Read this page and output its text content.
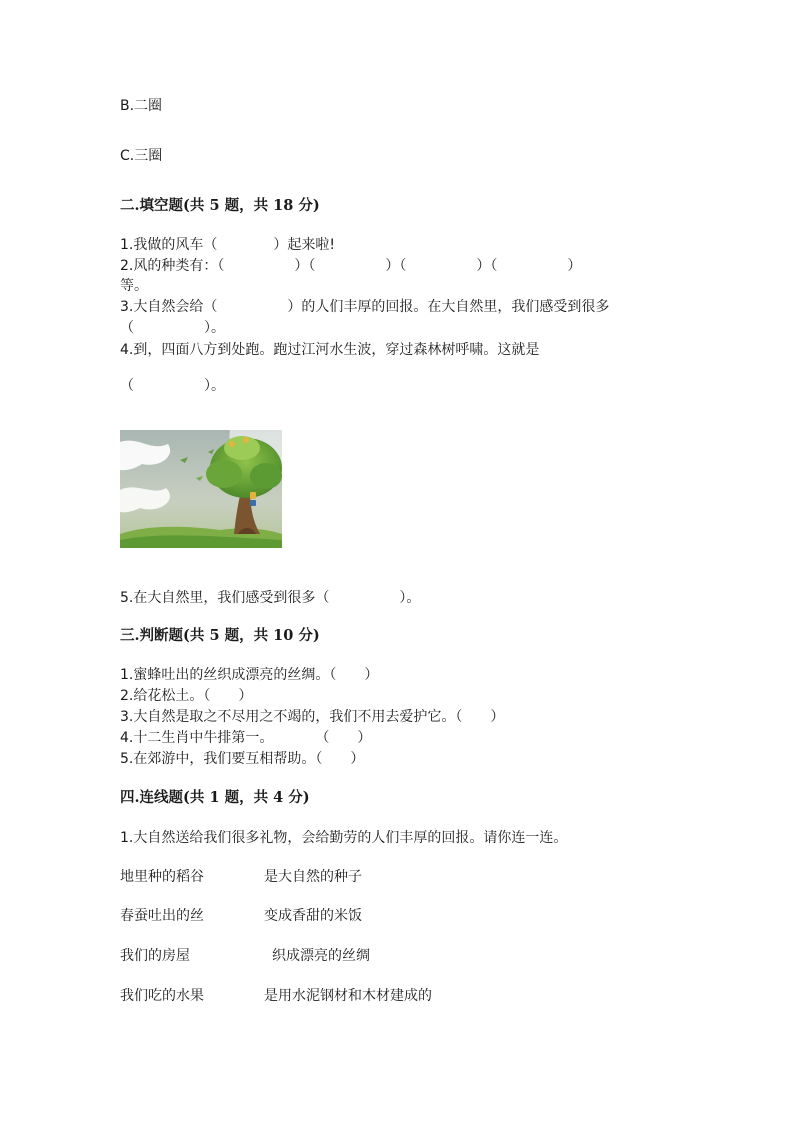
B.二圈
C.三圈
二.填空题(共 5 题，共 18 分)
1.我做的风车（　　　　）起来啦!
2.风的种类有：（　　　　　）（　　　　　）（　　　　　）（　　　　　）
等。
3.大自然会给（　　　　　）的人们丰厚的回报。在大自然里，我们感受到很多
（　　　　　）。
4.到，四面八方到处跑。跑过江河水生波，穿过森林树呼啸。这就是
（　　　　　）。
5.在大自然里，我们感受到很多（　　　　　）。
三.判断题(共 5 题，共 10 分)
1.蜜蜂吐出的丝织成漂亮的丝绸。（　　）
2.给花松土。（　　）
3.大自然是取之不尽用之不竭的，我们不用去爱护它。（　　）
4.十二生肖中牛排第一。　　　　（　　）
5.在郊游中，我们要互相帮助。（　　）
四.连线题(共 1 题，共 4 分)
1.大自然送给我们很多礼物，会给勤劳的人们丰厚的回报。请你连一连。
地里种的稻谷	是大自然的种子
春蚕吐出的丝	变成香甜的米饭
我们的房屋	织成漂亮的丝绸
我们吃的水果	是用水泥钢材和木材建成的
